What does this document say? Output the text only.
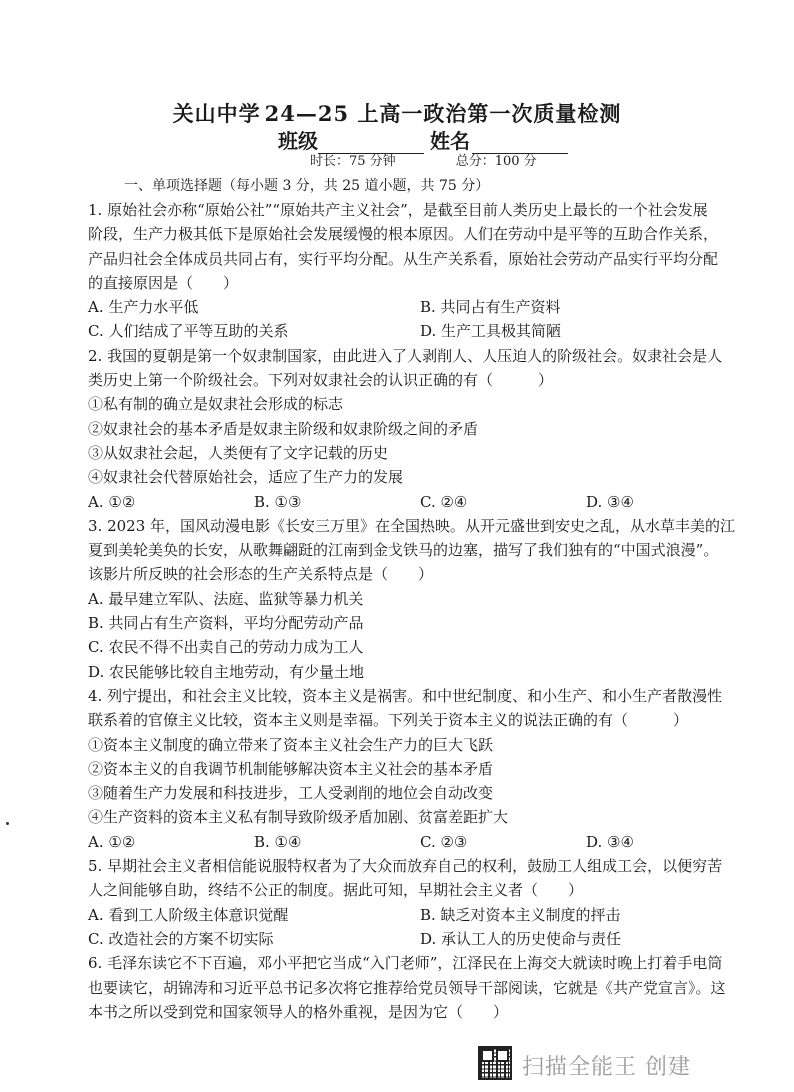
关山中学 24—25 上高一政治第一次质量检测
班级	姓名
时长：75 分钟	总分：100 分
一、单项选择题（每小题 3 分，共 25 道小题，共 75 分）
1. 原始社会亦称“原始公社”“原始共产主义社会”，是截至目前人类历史上最长的一个社会发展
阶段，生产力极其低下是原始社会发展缓慢的根本原因。人们在劳动中是平等的互助合作关系，
产品归社会全体成员共同占有，实行平均分配。从生产关系看，原始社会劳动产品实行平均分配
的直接原因是（　　）
A. 生产力水平低	B. 共同占有生产资料
C. 人们结成了平等互助的关系	D. 生产工具极其简陋
2. 我国的夏朝是第一个奴隶制国家，由此进入了人剥削人、人压迫人的阶级社会。奴隶社会是人
类历史上第一个阶级社会。下列对奴隶社会的认识正确的有（　　　）
①私有制的确立是奴隶社会形成的标志
②奴隶社会的基本矛盾是奴隶主阶级和奴隶阶级之间的矛盾
③从奴隶社会起，人类便有了文字记载的历史
④奴隶社会代替原始社会，适应了生产力的发展
A. ①②	B. ①③	C. ②④	D. ③④
3. 2023 年，国风动漫电影《长安三万里》在全国热映。从开元盛世到安史之乱，从水草丰美的江
夏到美轮美奂的长安，从歌舞翩跹的江南到金戈铁马的边塞，描写了我们独有的“中国式浪漫”。
该影片所反映的社会形态的生产关系特点是（　　）
A. 最早建立军队、法庭、监狱等暴力机关
B. 共同占有生产资料，平均分配劳动产品
C. 农民不得不出卖自己的劳动力成为工人
D. 农民能够比较自主地劳动，有少量土地
4. 列宁提出，和社会主义比较，资本主义是祸害。和中世纪制度、和小生产、和小生产者散漫性
联系着的官僚主义比较，资本主义则是幸福。下列关于资本主义的说法正确的有（　　　）
①资本主义制度的确立带来了资本主义社会生产力的巨大飞跃
②资本主义的自我调节机制能够解决资本主义社会的基本矛盾
③随着生产力发展和科技进步，工人受剥削的地位会自动改变
④生产资料的资本主义私有制导致阶级矛盾加剧、贫富差距扩大
A. ①②	B. ①④	C. ②③	D. ③④
5. 早期社会主义者相信能说服特权者为了大众而放弃自己的权利，鼓励工人组成工会，以便穷苦
人之间能够自助，终结不公正的制度。据此可知，早期社会主义者（　　）
A. 看到工人阶级主体意识觉醒	B. 缺乏对资本主义制度的抨击
C. 改造社会的方案不切实际	D. 承认工人的历史使命与责任
6. 毛泽东读它不下百遍，邓小平把它当成“入门老师”，江泽民在上海交大就读时晚上打着手电筒
也要读它，胡锦涛和习近平总书记多次将它推荐给党员领导干部阅读，它就是《共产党宣言》。这
本书之所以受到党和国家领导人的格外重视，是因为它（　　）
扫描全能王 创建
